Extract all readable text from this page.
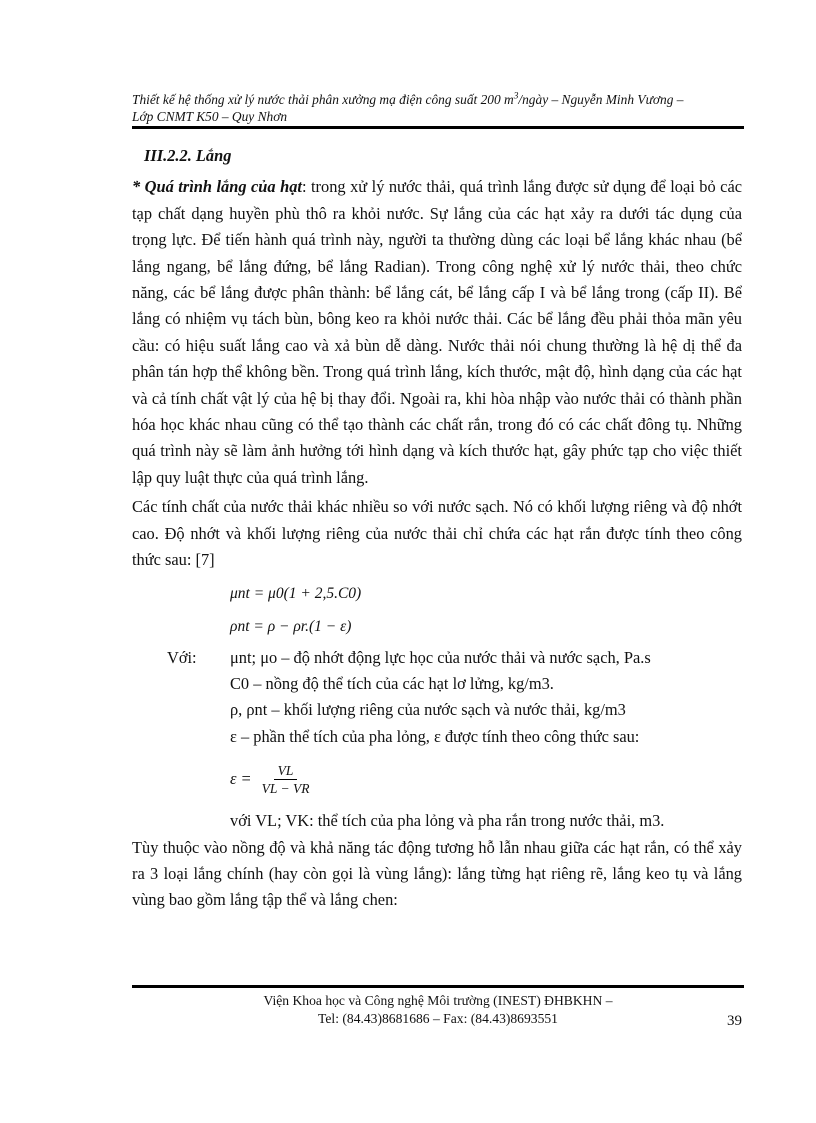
Thiết kế hệ thống xử lý nước thải phân xưởng mạ điện công suất 200 $m^3$/ngày – Nguyễn Minh Vương –
Lớp CNMT K50 – Quy Nhơn
III.2.2. Lắng

* Quá trình lắng của hạt: trong xử lý nước thải, quá trình lắng được sử dụng để loại bỏ các tạp chất dạng huyền phù thô ra khỏi nước. Sự lắng của các hạt xảy ra dưới tác dụng của trọng lực. Để tiến hành quá trình này, người ta thường dùng các loại bể lắng khác nhau (bể lắng ngang, bể lắng đứng, bể lắng Radian). Trong công nghệ xử lý nước thải, theo chức năng, các bể lắng được phân thành: bể lắng cát, bể lắng cấp I và bể lắng trong (cấp II). Bể lắng có nhiệm vụ tách bùn, bông keo ra khỏi nước thải. Các bể lắng đều phải thỏa mãn yêu cầu: có hiệu suất lắng cao và xả bùn dễ dàng. Nước thải nói chung thường là hệ dị thể đa phân tán hợp thể không bền. Trong quá trình lắng, kích thước, mật độ, hình dạng của các hạt và cả tính chất vật lý của hệ bị thay đổi. Ngoài ra, khi hòa nhập vào nước thải có thành phần hóa học khác nhau cũng có thể tạo thành các chất rắn, trong đó có các chất đông tụ. Những quá trình này sẽ làm ảnh hưởng tới hình dạng và kích thước hạt, gây phức tạp cho việc thiết lập quy luật thực của quá trình lắng.

Các tính chất của nước thải khác nhiều so với nước sạch. Nó có khối lượng riêng và độ nhớt cao. Độ nhớt và khối lượng riêng của nước thải chỉ chứa các hạt rắn được tính theo công thức sau: [7]

μnt = μ0(1 + 2,5.C0)
ρnt = ρ − ρr.(1 − ε)
Với:	μnt; μo – độ nhớt động lực học của nước thải và nước sạch, Pa.s
C0 – nồng độ thể tích của các hạt lơ lửng, kg/m3.
ρ, ρnt – khối lượng riêng của nước sạch và nước thải, kg/m3
ε – phần thể tích của pha lỏng, ε được tính theo công thức sau:
$\varepsilon = \frac{VL}{VL - VR}$
với VL; VK: thể tích của pha lỏng và pha rắn trong nước thải, m3.

Tùy thuộc vào nồng độ và khả năng tác động tương hỗ lẫn nhau giữa các hạt rắn, có thể xảy ra 3 loại lắng chính (hay còn gọi là vùng lắng): lắng từng hạt riêng rẽ, lắng keo tụ và lắng vùng bao gồm lắng tập thể và lắng chen:

Viện Khoa học và Công nghệ Môi trường (INEST) ĐHBKHN –
Tel: (84.43)8681686 – Fax: (84.43)8693551	39
